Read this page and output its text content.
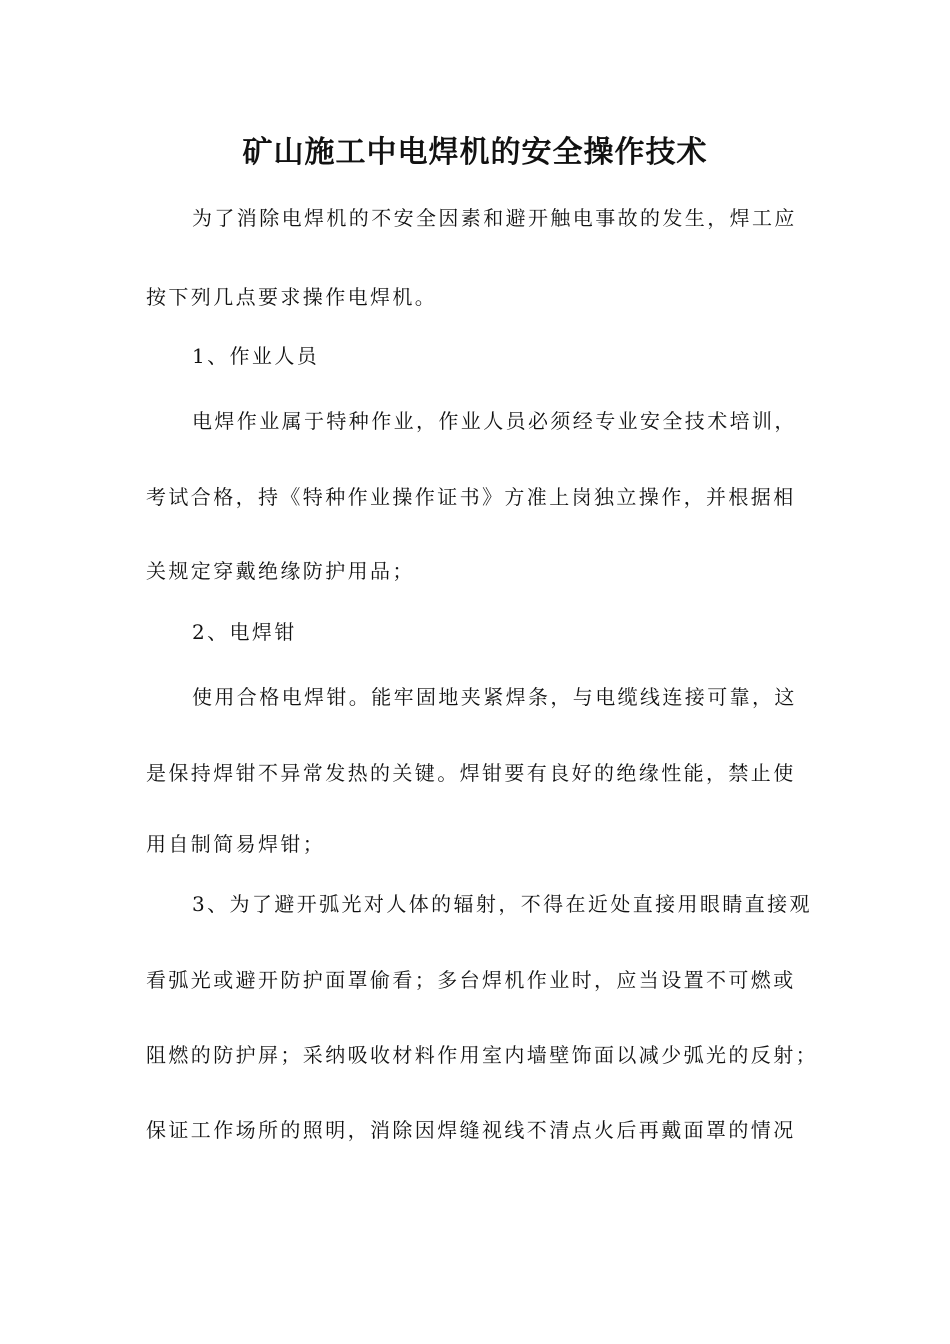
矿山施工中电焊机的安全操作技术

为了消除电焊机的不安全因素和避开触电事故的发生，焊工应

按下列几点要求操作电焊机。

1、作业人员

电焊作业属于特种作业，作业人员必须经专业安全技术培训，

考试合格，持《特种作业操作证书》方准上岗独立操作，并根据相

关规定穿戴绝缘防护用品；

2、电焊钳

使用合格电焊钳。能牢固地夹紧焊条，与电缆线连接可靠，这

是保持焊钳不异常发热的关键。焊钳要有良好的绝缘性能，禁止使

用自制简易焊钳；

3、为了避开弧光对人体的辐射，不得在近处直接用眼睛直接观

看弧光或避开防护面罩偷看；多台焊机作业时，应当设置不可燃或

阻燃的防护屏；采纳吸收材料作用室内墙壁饰面以减少弧光的反射；

保证工作场所的照明，消除因焊缝视线不清点火后再戴面罩的情况
